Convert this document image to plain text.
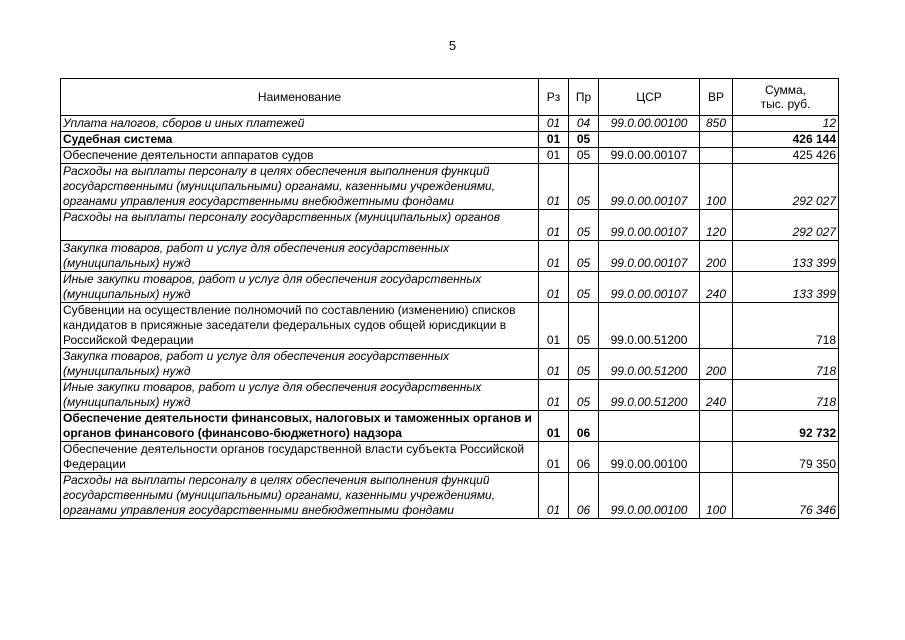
5
Наименование	Рз	Пр	ЦСР	ВР	Сумма,
тыс. руб.
Уплата налогов, сборов и иных платежей	01	04	99.0.00.00100	850	12
Судебная система	01	05			426 144
Обеспечение деятельности аппаратов судов	01	05	99.0.00.00107		425 426
Расходы на выплаты персоналу в целях обеспечения выполнения функций государственными (муниципальными) органами, казенными учреждениями, органами управления государственными внебюджетными фондами	01	05	99.0.00.00107	100	292 027
Расходы на выплаты персоналу государственных (муниципальных) органов	01	05	99.0.00.00107	120	292 027
Закупка товаров, работ и услуг для обеспечения государственных (муниципальных) нужд	01	05	99.0.00.00107	200	133 399
Иные закупки товаров, работ и услуг для обеспечения государственных (муниципальных) нужд	01	05	99.0.00.00107	240	133 399
Субвенции на осуществление полномочий по составлению (изменению) списков кандидатов в присяжные заседатели федеральных судов общей юрисдикции в Российской Федерации	01	05	99.0.00.51200		718
Закупка товаров, работ и услуг для обеспечения государственных (муниципальных) нужд	01	05	99.0.00.51200	200	718
Иные закупки товаров, работ и услуг для обеспечения государственных (муниципальных) нужд	01	05	99.0.00.51200	240	718
Обеспечение деятельности финансовых, налоговых и таможенных органов и органов финансового (финансово-бюджетного) надзора	01	06			92 732
Обеспечение деятельности органов государственной власти субъекта Российской Федерации	01	06	99.0.00.00100		79 350
Расходы на выплаты персоналу в целях обеспечения выполнения функций государственными (муниципальными) органами, казенными учреждениями, органами управления государственными внебюджетными фондами	01	06	99.0.00.00100	100	76 346
